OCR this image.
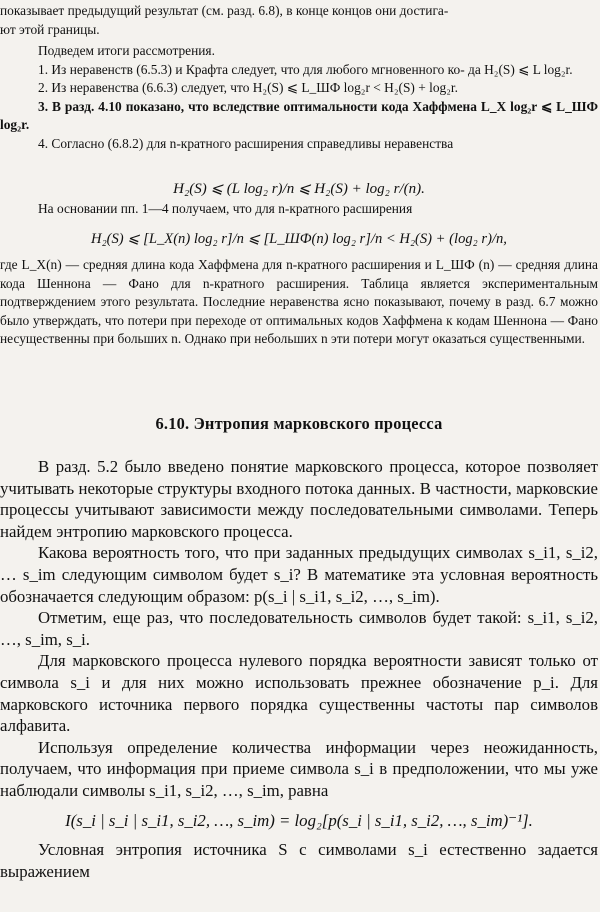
показывает предыдущий результат (см. разд. 6.8), в конце концов они достига-

ют этой границы.

Подведем итоги рассмотрения.

1. Из неравенств (6.5.3) и Крафта следует, что для любого мгновенного ко- да H₂(S) ⩽ L log₂r.

2. Из неравенства (6.6.3) следует, что H₂(S) ⩽ L_ШФ log₂r < H₂(S) + log₂r.

3. В разд. 4.10 показано, что вследствие оптимальности кода Хаффмена L_X log₂r ⩽ L_ШФ log₂r.

4. Согласно (6.8.2) для n-кратного расширения справедливы неравенства

H₂(S) ⩽ (L log₂ r)/n ⩽ H₂(S) + log₂ r/(n).

На основании пп. 1—4 получаем, что для n-кратного расширения

H₂(S) ⩽ [L_X(n) log₂ r]/n ⩽ [L_ШФ(n) log₂ r]/n < H₂(S) + (log₂ r)/n,

где L_X(n) — средняя длина кода Хаффмена для n-кратного расширения и L_ШФ (n) — средняя длина кода Шеннона — Фано для n-кратного расширения. Таблица является экспериментальным подтверждением этого результата. Последние неравенства ясно показывают, почему в разд. 6.7 можно было утверждать, что потери при переходе от оптимальных кодов Хаффмена к кодам Шеннона — Фано несущественны при больших n. Однако при небольших n эти потери могут оказаться существенными.

6.10. Энтропия марковского процесса

В разд. 5.2 было введено понятие марковского процесса, которое позволяет учитывать некоторые структуры входного потока данных. В частности, марковские процессы учитывают зависимости между последовательными символами. Теперь найдем энтропию марковского процесса.

Какова вероятность того, что при заданных предыдущих символах s_i1, s_i2, … s_im следующим символом будет s_i? В математике эта условная вероятность обозначается следующим образом: p(s_i | s_i1, s_i2, …, s_im).

Отметим, еще раз, что последовательность символов будет такой: s_i1, s_i2, …, s_im, s_i.

Для марковского процесса нулевого порядка вероятности зависят только от символа s_i и для них можно использовать прежнее обозначение p_i. Для марковского источника первого порядка существенны частоты пар символов алфавита.

Используя определение количества информации через неожиданность, получаем, что информация при приеме символа s_i в предположении, что мы уже наблюдали символы s_i1, s_i2, …, s_im, равна

I(s_i | s_i | s_i1, s_i2, …, s_im) = log₂[p(s_i | s_i1, s_i2, …, s_im)⁻¹].

Условная энтропия источника S с символами s_i естественно задается выражением
